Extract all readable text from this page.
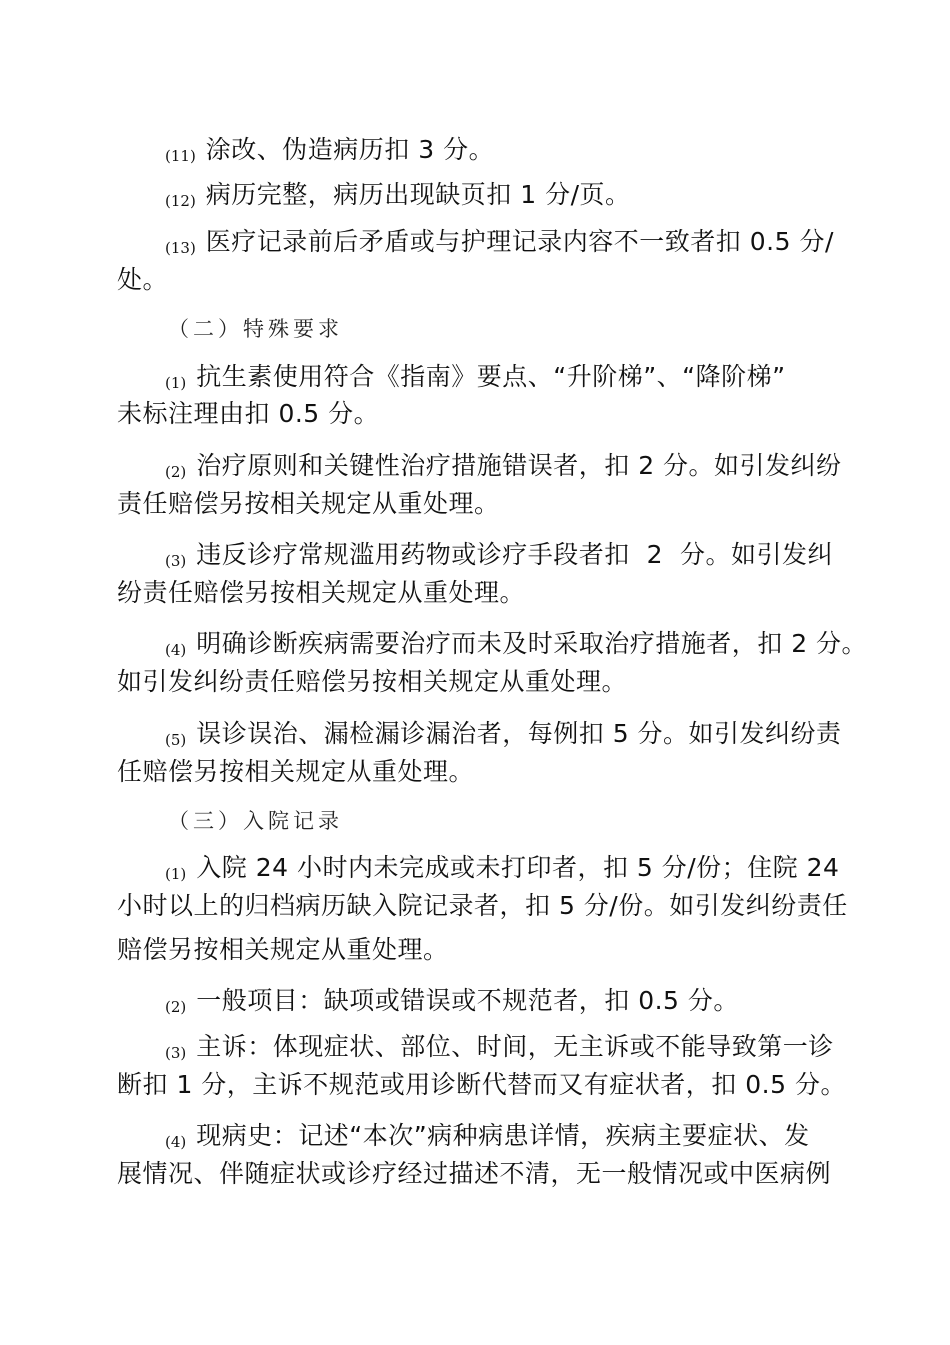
(11) 涂改、伪造病历扣 3 分。
(12) 病历完整，病历出现缺页扣 1 分/页。
(13) 医疗记录前后矛盾或与护理记录内容不一致者扣 0.5 分/
处。
（二）特殊要求
(1) 抗生素使用符合《指南》要点、“升阶梯”、“降阶梯”
未标注理由扣 0.5 分。
(2) 治疗原则和关键性治疗措施错误者，扣 2 分。如引发纠纷
责任赔偿另按相关规定从重处理。
(3) 违反诊疗常规滥用药物或诊疗手段者扣  2  分。如引发纠
纷责任赔偿另按相关规定从重处理。
(4) 明确诊断疾病需要治疗而未及时采取治疗措施者，扣 2 分。
如引发纠纷责任赔偿另按相关规定从重处理。
(5) 误诊误治、漏检漏诊漏治者，每例扣 5 分。如引发纠纷责
任赔偿另按相关规定从重处理。
（三）入院记录
(1) 入院 24 小时内未完成或未打印者，扣 5 分/份；住院 24
小时以上的归档病历缺入院记录者，扣 5 分/份。如引发纠纷责任
赔偿另按相关规定从重处理。
(2) 一般项目：缺项或错误或不规范者，扣 0.5 分。
(3) 主诉：体现症状、部位、时间，无主诉或不能导致第一诊
断扣 1 分，主诉不规范或用诊断代替而又有症状者，扣 0.5 分。
(4) 现病史：记述“本次”病种病患详情，疾病主要症状、发
展情况、伴随症状或诊疗经过描述不清，无一般情况或中医病例
